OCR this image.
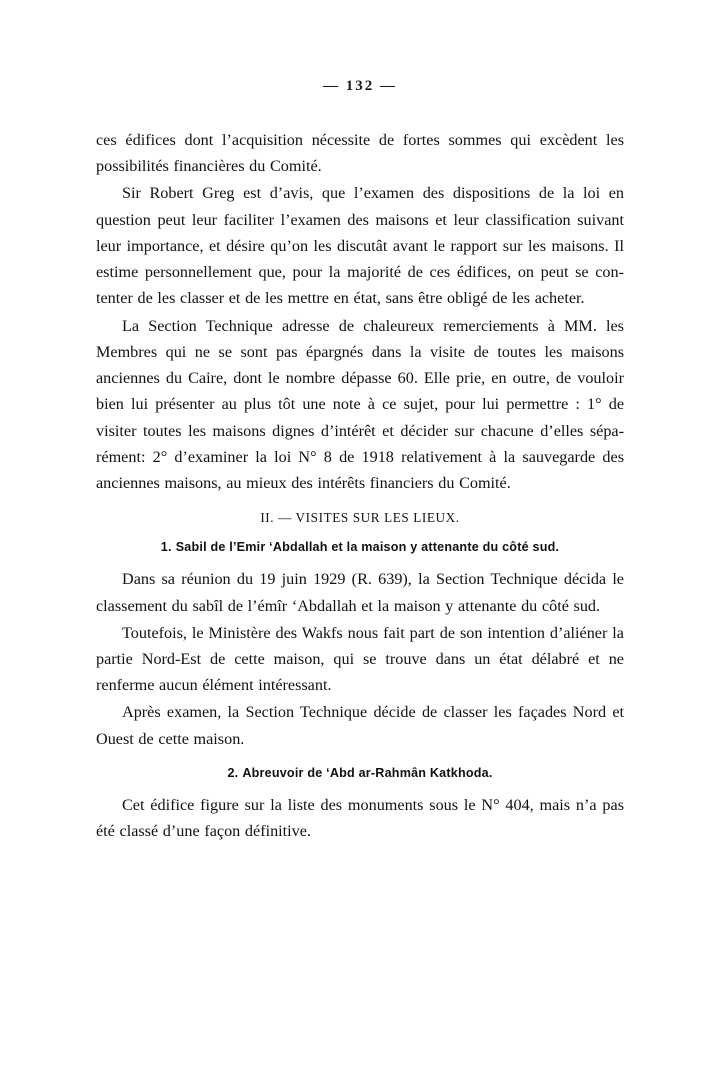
— 132 —

ces édifices dont l’acquisition nécessite de fortes sommes qui excèdent les possibilités financières du Comité.

Sir Robert Greg est d’avis, que l’examen des dispositions de la loi en question peut leur faciliter l’examen des maisons et leur classification suivant leur importance, et désire qu’on les discutât avant le rapport sur les maisons. Il estime personnellement que, pour la majorité de ces édifices, on peut se contenter de les classer et de les mettre en état, sans être obligé de les acheter.

La Section Technique adresse de chaleureux remerciements à MM. les Membres qui ne se sont pas épargnés dans la visite de toutes les maisons anciennes du Caire, dont le nombre dépasse 60. Elle prie, en outre, de vouloir bien lui présenter au plus tôt une note à ce sujet, pour lui permettre : 1° de visiter toutes les maisons dignes d’intérêt et décider sur chacune d’elles séparément: 2° d’examiner la loi N° 8 de 1918 relativement à la sauvegarde des anciennes maisons, au mieux des intérêts financiers du Comité.

II. — VISITES SUR LES LIEUX.
1. Sabil de l’Emir ‘Abdallah et la maison y attenante du côté sud.

Dans sa réunion du 19 juin 1929 (R. 639), la Section Technique décida le classement du sabîl de l’émîr ‘Abdallah et la maison y attenante du côté sud.

Toutefois, le Ministère des Wakfs nous fait part de son intention d’aliéner la partie Nord-Est de cette maison, qui se trouve dans un état délabré et ne renferme aucun élément intéressant.

Après examen, la Section Technique décide de classer les façades Nord et Ouest de cette maison.

2. Abreuvoir de ‘Abd ar-Rahmân Katkhoda.

Cet édifice figure sur la liste des monuments sous le N° 404, mais n’a pas été classé d’une façon définitive.
